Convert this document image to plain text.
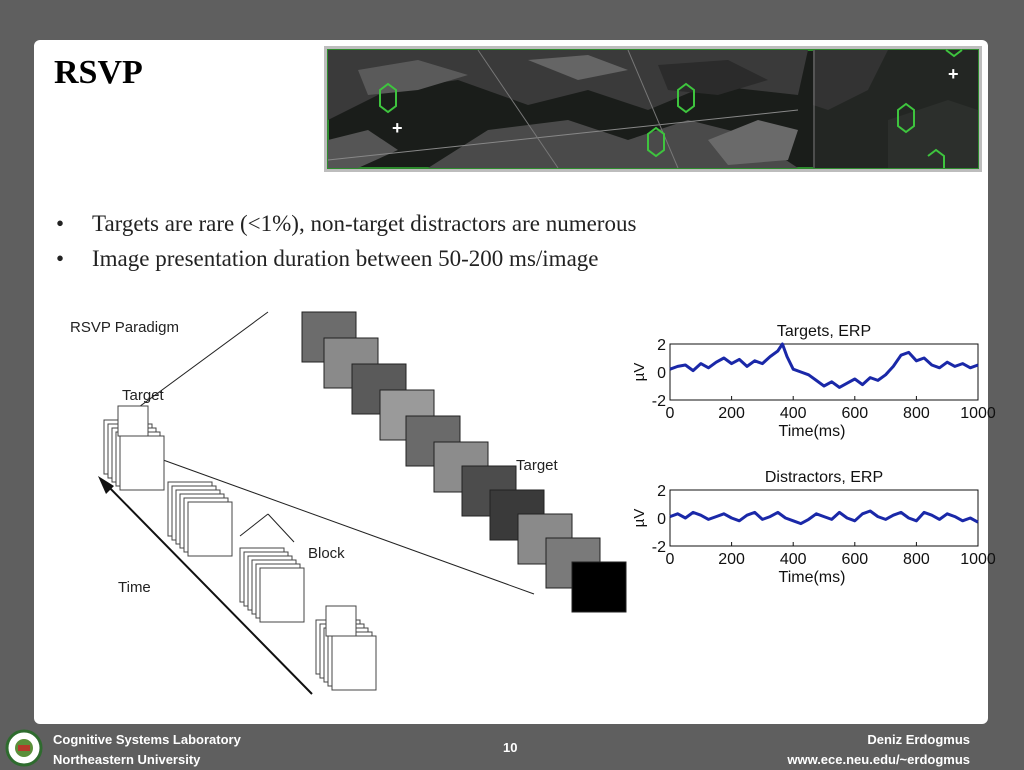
RSVP
+
+
• Targets are rare (<1%), non-target distractors are numerous
• Image presentation duration between 50-200 ms/image
RSVP Paradigm
Target
Target
Block
Time
Targets, ERP
2
0
-2
0	200 400 600 800 1000
Time(ms)
µV
Distractors, ERP
2
0
-2
0	200 400 600 800 1000
Time(ms)
µV
Cognitive Systems Laboratory
Northeastern University
10
Deniz Erdogmus
www.ece.neu.edu/~erdogmus
